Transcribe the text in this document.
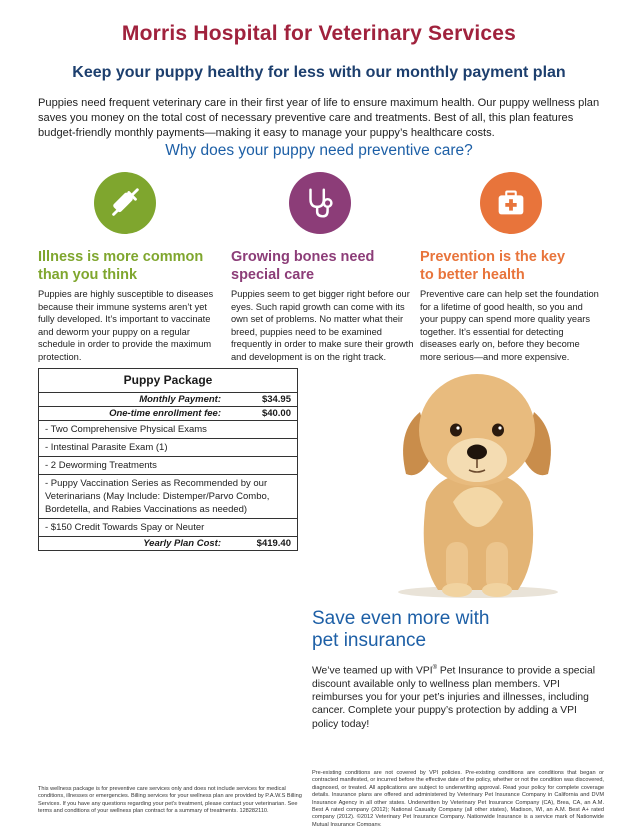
Morris Hospital for Veterinary Services
Keep your puppy healthy for less with our monthly payment plan
Puppies need frequent veterinary care in their first year of life to ensure maximum health. Our puppy wellness plan saves you money on the total cost of necessary preventive care and treatments. Best of all, this plan features budget-friendly monthly payments—making it easy to manage your puppy’s healthcare costs.
Why does your puppy need preventive care?
Illness is more common
than you think
Growing bones need
special care
Prevention is the key
to better health
Puppies are highly susceptible to diseases because their immune systems aren’t yet fully developed. It’s important to vaccinate and deworm your puppy on a regular schedule in order to provide the maximum protection.
Puppies seem to get bigger right before our eyes. Such rapid growth can come with its own set of problems. No matter what their breed, puppies need to be examined frequently in order to make sure their growth and development is on the right track.
Preventive care can help set the foundation for a lifetime of good health, so you and your puppy can spend more quality years together. It’s essential for detecting diseases early on, before they become more serious—and more expensive.
Puppy Package
Monthly Payment:	$34.95
One-time enrollment fee:	$40.00
- Two Comprehensive Physical Exams
- Intestinal Parasite Exam (1)
- 2 Deworming Treatments
- Puppy Vaccination Series as Recommended by our Veterinarians (May Include: Distemper/Parvo Combo, Bordetella, and Rabies Vaccinations as needed)
- $150 Credit Towards Spay or Neuter
Yearly Plan Cost:	$419.40
Save even more with
pet insurance
We’ve teamed up with VPI® Pet Insurance to provide a special discount available only to wellness plan members. VPI reimburses you for your pet’s injuries and illnesses, including cancer. Complete your puppy’s protection by adding a VPI policy today!
This wellness package is for preventive care services only and does not include services for medical conditions, illnesses or emergencies. Billing services for your wellness plan are provided by P.A.W.S Billing Services. If you have any questions regarding your pet's treatment, please contact your veterinarian. See terms and conditions of your wellness plan contract for a summary of treatments. 128282110.
Pre-existing conditions are not covered by VPI policies. Pre-existing conditions are conditions that began or contracted manifested, or incurred before the effective date of the policy, whether or not the condition was discovered, diagnosed, or treated. All applications are subject to underwriting approval. Read your policy for complete coverage details. Insurance plans are offered and administered by Veterinary Pet Insurance Company in California and DVM Insurance Agency in all other states. Underwritten by Veterinary Pet Insurance Company (CA), Brea, CA, an A.M. Best A rated company (2012); National Casualty Company (all other states), Madison, WI, an A.M. Best A+ rated company (2012). ©2012 Veterinary Pet Insurance Company. Nationwide Insurance is a service mark of Nationwide Mutual Insurance Company.
